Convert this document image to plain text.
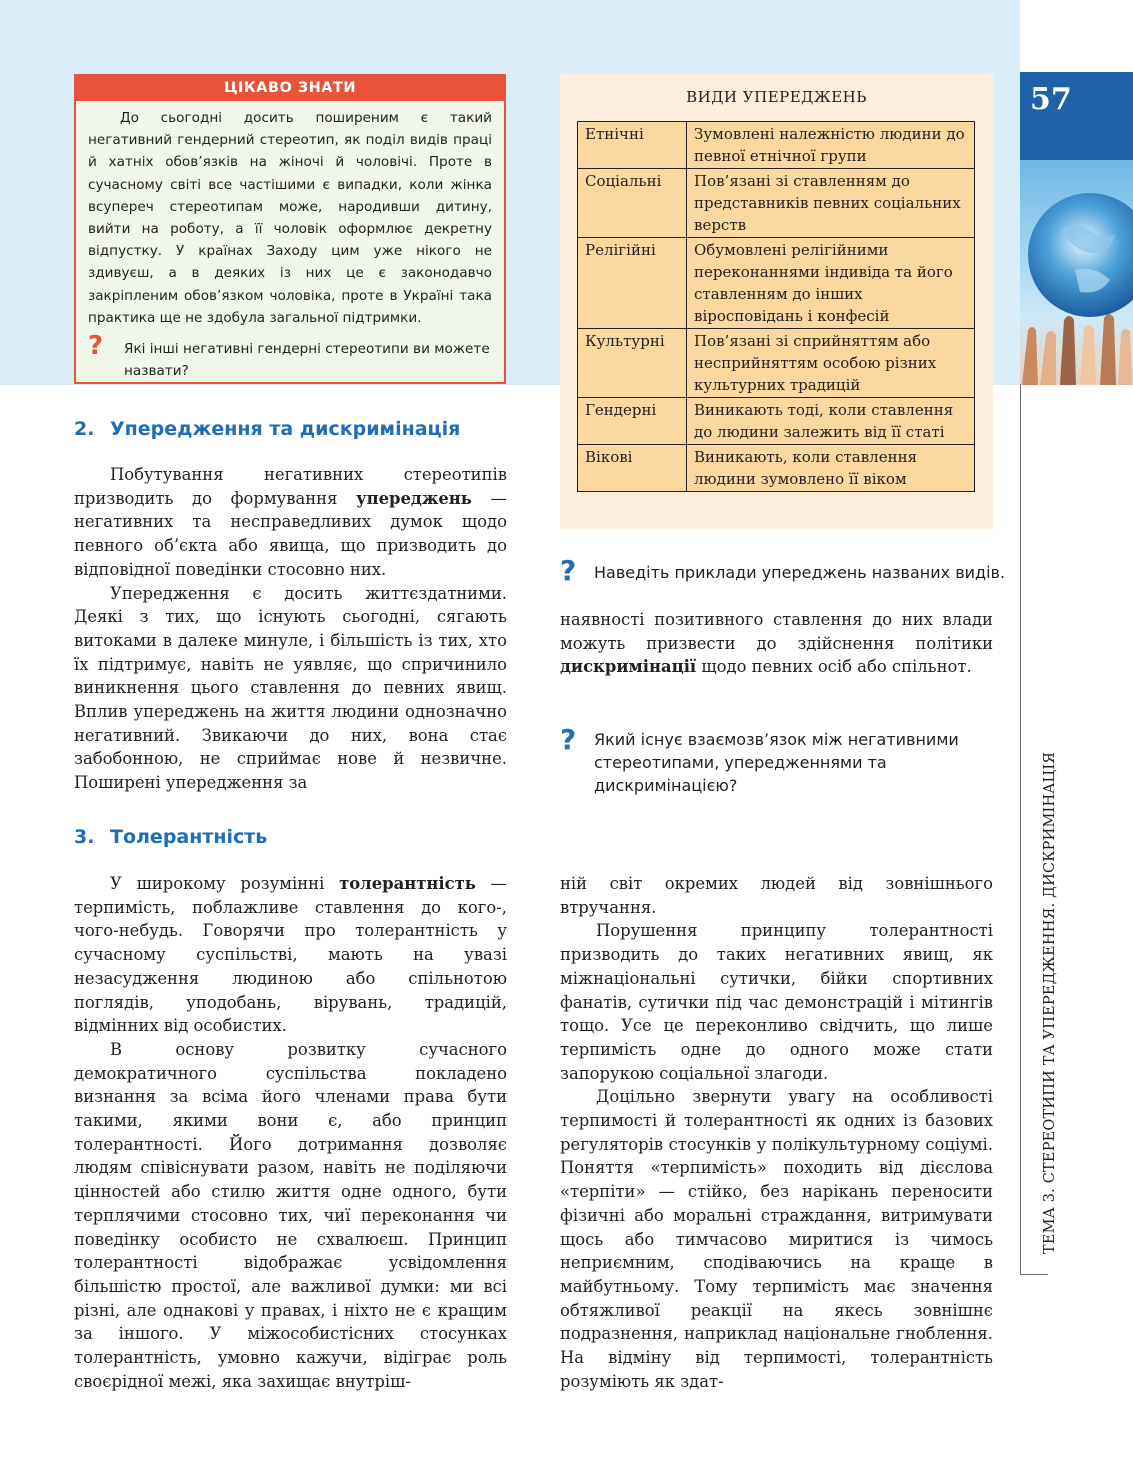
57
ТЕМА 3. СТЕРЕОТИПИ ТА УПЕРЕДЖЕННЯ. ДИСКРИМІНАЦІЯ
ЦІКАВО ЗНАТИ
До сьогодні досить поширеним є такий негативний гендерний стереотип, як поділ видів праці й хатніх обов’язків на жіночі й чоловічі. Проте в сучасному світі все частішими є випадки, коли жінка всупереч стереотипам може, народивши дитину, вийти на роботу, а її чоловік оформлює декретну відпустку. У країнах Заходу цим уже нікого не здивуєш, а в деяких із них це є законодавчо закріпленим обов’язком чоловіка, проте в Україні така практика ще не здобула загальної підтримки.
? Які інші негативні гендерні стереотипи ви можете назвати?
ВИДИ УПЕРЕДЖЕНЬ
Етнічні	Зумовлені належністю людини до певної етнічної групи
Соціальні	Пов’язані зі ставленням до представників певних соціальних верств
Релігійні	Обумовлені релігійними переконаннями індивіда та його ставленням до інших віросповідань і конфесій
Культурні	Пов’язані зі сприйняттям або несприйняттям особою різних культурних традицій
Гендерні	Виникають тоді, коли ставлення до людини залежить від її статі
Вікові	Виникають, коли ставлення людини зумовлено її віком
2. Упередження та дискримінація

Побутування негативних стереотипів призводить до формування упереджень — негативних та несправедливих думок щодо певного об’єкта або явища, що призводить до відповідної поведінки стосовно них.

Упередження є досить життєздатними. Деякі з тих, що існують сьогодні, сягають витоками в далеке минуле, і більшість із тих, хто їх підтримує, навіть не уявляє, що спричинило виникнення цього ставлення до певних явищ. Вплив упереджень на життя людини однозначно негативний. Звикаючи до них, вона стає забобонною, не сприймає нове й незвичне. Поширені упередження за

? Наведіть приклади упереджень названих видів.

наявності позитивного ставлення до них влади можуть призвести до здійснення політики дискримінації щодо певних осіб або спільнот.

? Який існує взаємозв’язок між негативними стереотипами, упередженнями та дискримінацією?
3. Толерантність

У широкому розумінні толерантність — терпимість, поблажливе ставлення до кого-, чого-небудь. Говорячи про толерантність у сучасному суспільстві, мають на увазі незасудження людиною або спільнотою поглядів, уподобань, вірувань, традицій, відмінних від особистих.

В основу розвитку сучасного демократичного суспільства покладено визнання за всіма його членами права бути такими, якими вони є, або принцип толерантності. Його дотримання дозволяє людям співіснувати разом, навіть не поділяючи цінностей або стилю життя одне одного, бути терплячими стосовно тих, чиї переконання чи поведінку особисто не схвалюєш. Принцип толерантності відображає усвідомлення більшістю простої, але важливої думки: ми всі різні, але однакові у правах, і ніхто не є кращим за іншого. У міжособистісних стосунках толерантність, умовно кажучи, відіграє роль своєрідної межі, яка захищає внутріш-

ній світ окремих людей від зовнішнього втручання.

Порушення принципу толерантності призводить до таких негативних явищ, як міжнаціональні сутички, бійки спортивних фанатів, сутички під час демонстрацій і мітингів тощо. Усе це переконливо свідчить, що лише терпимість одне до одного може стати запорукою соціальної злагоди.

Доцільно звернути увагу на особливості терпимості й толерантності як одних із базових регуляторів стосунків у полікультурному соціумі. Поняття «терпимість» походить від дієслова «терпіти» — стійко, без нарікань переносити фізичні або моральні страждання, витримувати щось або тимчасово миритися із чимось неприємним, сподіваючись на краще в майбутньому. Тому терпимість має значення обтяжливої реакції на якесь зовнішнє подразнення, наприклад національне гноблення. На відміну від терпимості, толерантність розуміють як здат-
